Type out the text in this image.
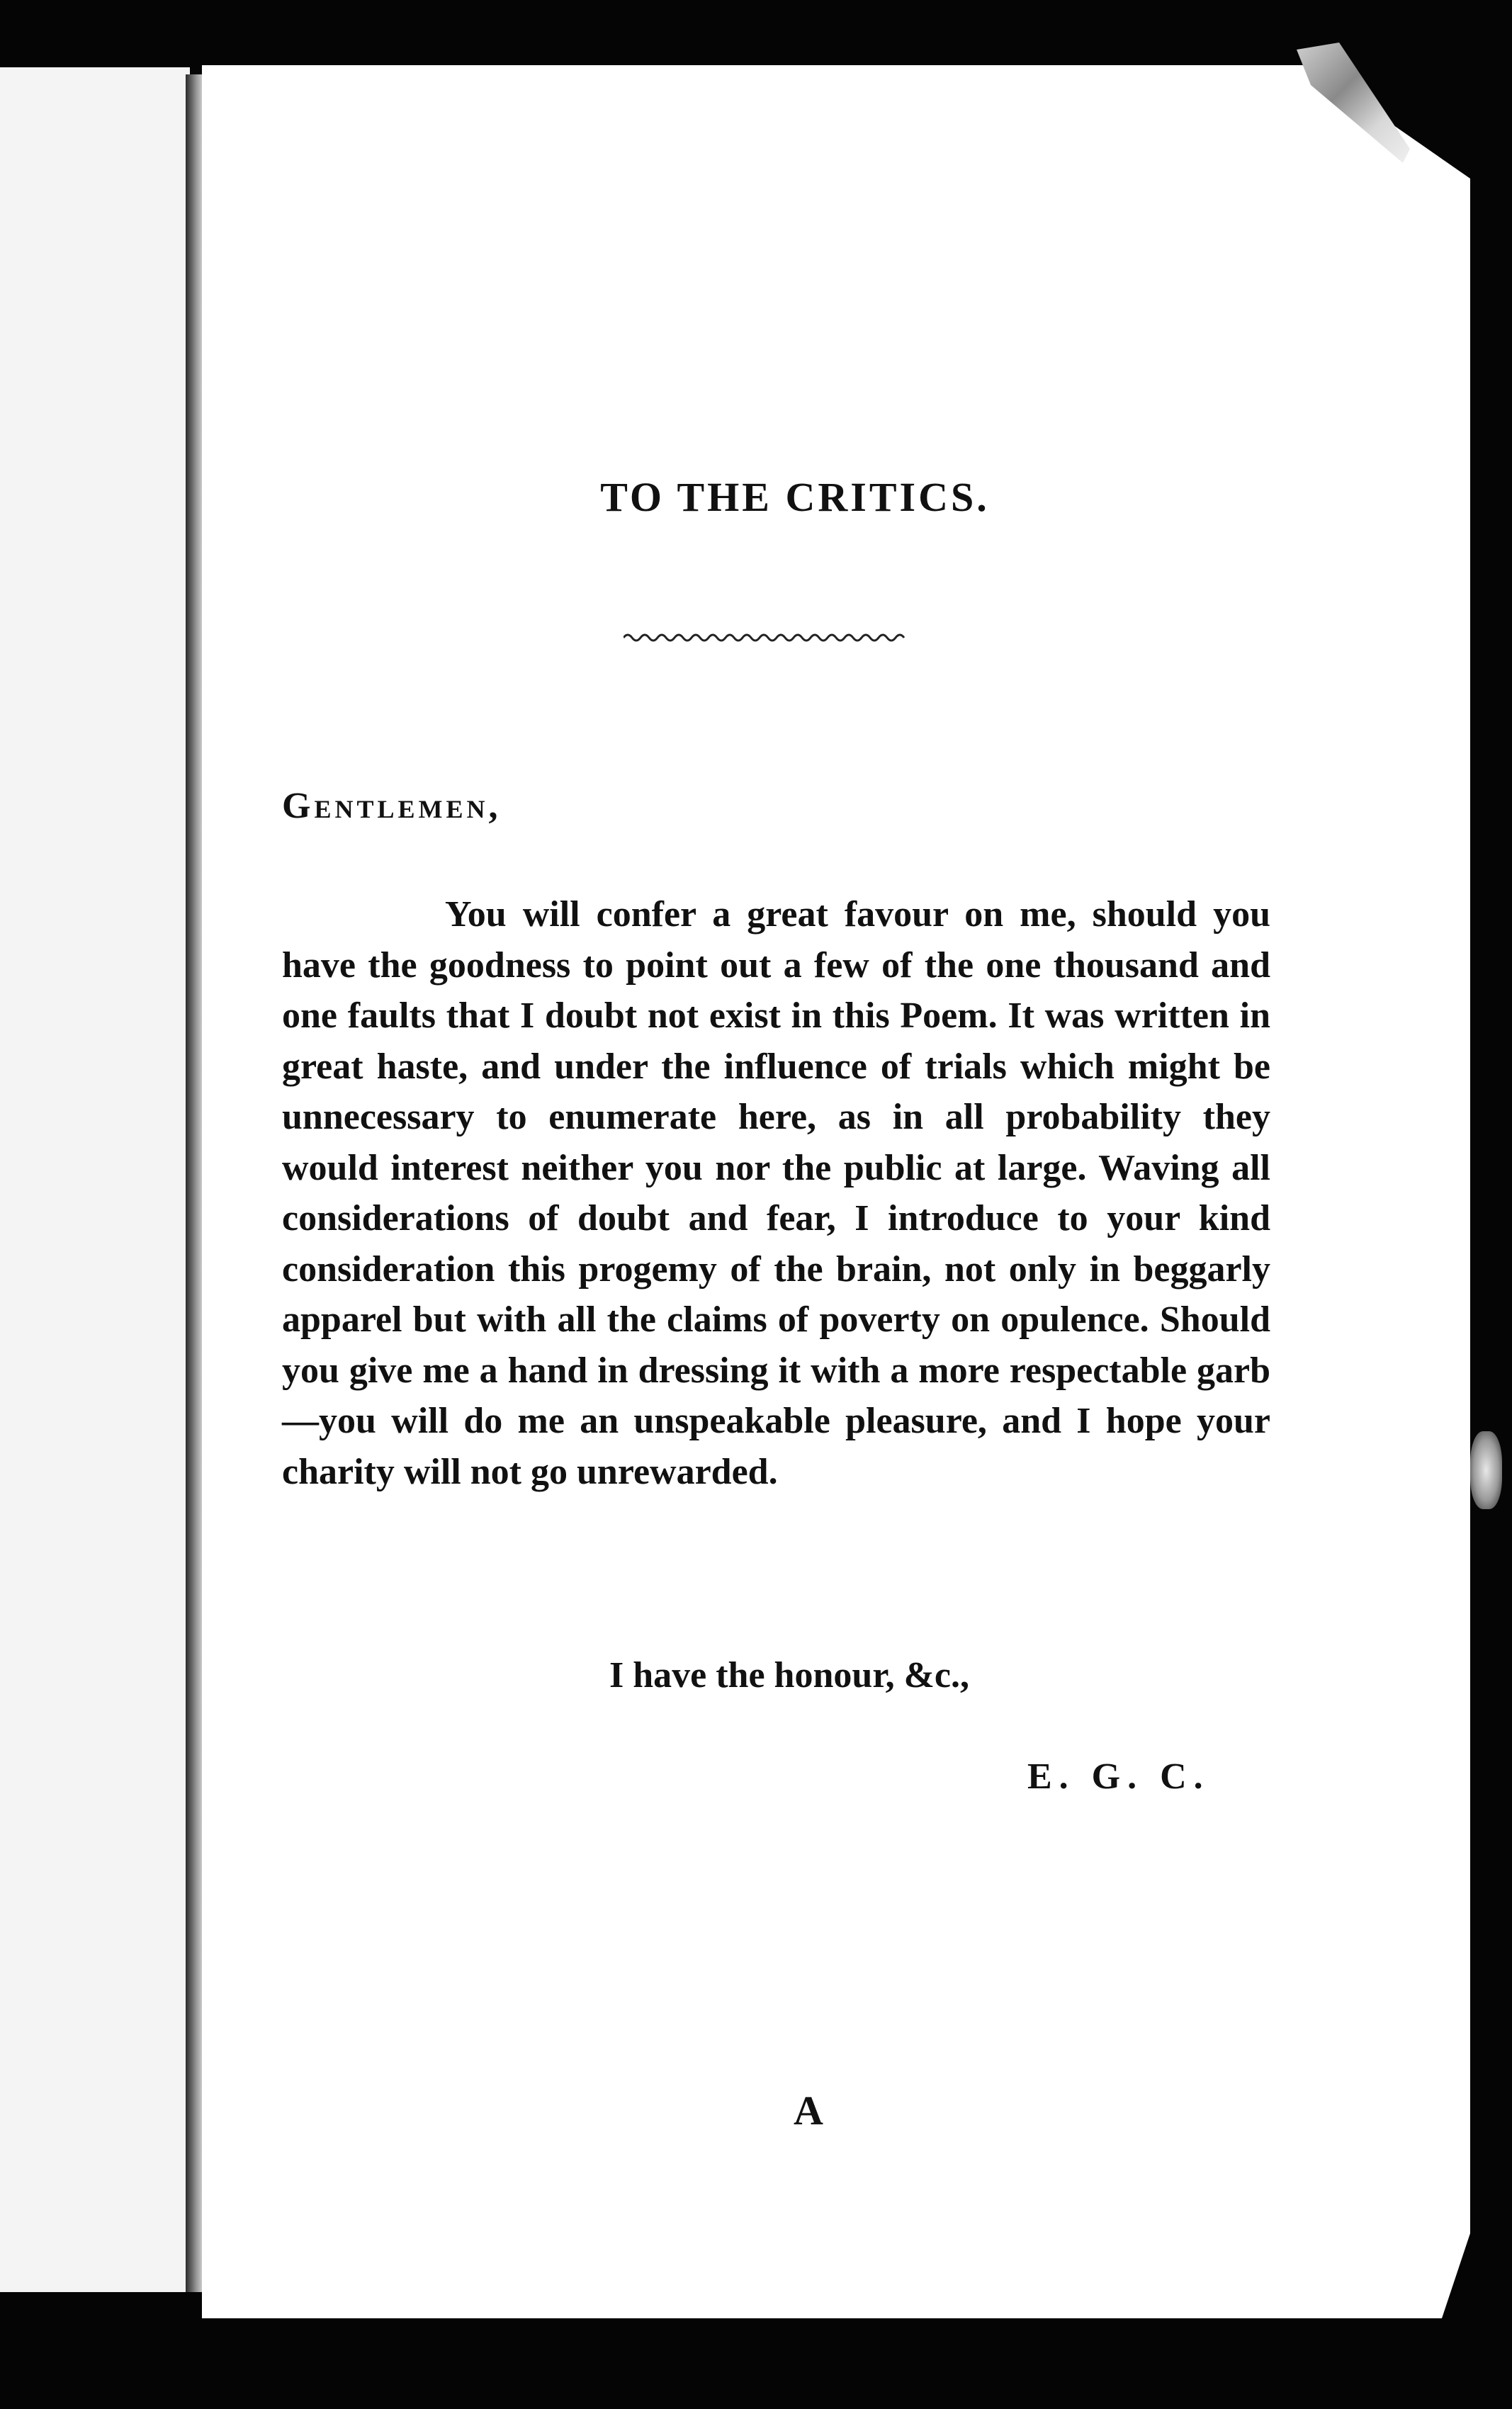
TO THE CRITICS.
Gentlemen,

You will confer a great favour on me, should you have the goodness to point out a few of the one thousand and one faults that I doubt not exist in this Poem. It was written in great haste, and under the influence of trials which might be unnecessary to enumerate here, as in all probability they would interest neither you nor the public at large. Waving all considerations of doubt and fear, I introduce to your kind consideration this progemy of the brain, not only in beggarly apparel but with all the claims of poverty on opulence. Should you give me a hand in dressing it with a more respectable garb—you will do me an unspeakable pleasure, and I hope your charity will not go unrewarded.

I have the honour, &c.,
E. G. C.
A
